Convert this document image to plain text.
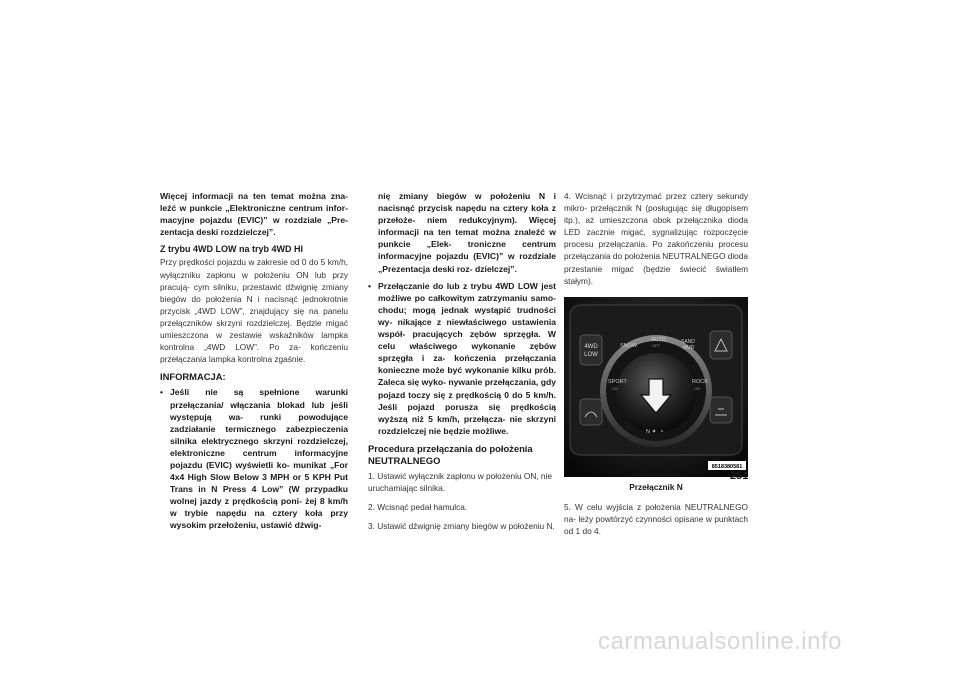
Więcej informacji na ten temat można zna- leźć w punkcie „Elektroniczne centrum infor- macyjne pojazdu (EVIC)” w rozdziale „Pre- zentacja deski rozdzielczej”.

Z trybu 4WD LOW na tryb 4WD HI

Przy prędkości pojazdu w zakresie od 0 do 5 km/h, wyłączniku zapłonu w położeniu ON lub przy pracują- cym silniku, przestawić dźwignię zmiany biegów do położenia N i nacisnąć jednokrotnie przycisk „4WD LOW”, znajdujący się na panelu przełączników skrzyni rozdzielczej. Będzie migać umieszczona w zestawie wskaźników lampka kontrolna „4WD LOW”. Po za- kończeniu przełączania lampka kontrolna zgaśnie.

INFORMACJA:

• Jeśli nie są spełnione warunki przełączania/ włączania blokad lub jeśli występują wa- runki powodujące zadziałanie termicznego zabezpieczenia silnika elektrycznego skrzyni rozdzielczej, elektroniczne centrum informacyjne pojazdu (EVIC) wyświetli ko- munikat „For 4x4 High Slow Below 3 MPH or 5 KPH Put Trans in N Press 4 Low” (W przypadku wolnej jazdy z prędkością poni- żej 8 km/h w trybie napędu na cztery koła przy wysokim przełożeniu, ustawić dźwig-
nię zmiany biegów w położeniu N i nacisnąć przycisk napędu na cztery koła z przełoże- niem redukcyjnym). Więcej informacji na ten temat można znaleźć w punkcie „Elek- troniczne centrum informacyjne pojazdu (EVIC)” w rozdziale „Prezentacja deski roz- dzielczej”.
• Przełączanie do lub z trybu 4WD LOW jest możliwe po całkowitym zatrzymaniu samo- chodu; mogą jednak wystąpić trudności wy- nikające z niewłaściwego ustawienia współ- pracujących zębów sprzęgła. W celu właściwego wykonanie zębów sprzęgła i za- kończenia przełączania konieczne może być wykonanie kilku prób. Zaleca się wyko- nywanie przełączania, gdy pojazd toczy się z prędkością 0 do 5 km/h. Jeśli pojazd porusza się prędkością wyższą niż 5 km/h, przełącza- nie skrzyni rozdzielczej nie będzie możliwe.

Procedura przełączania do położenia NEUTRALNEGO

1. Ustawić wyłącznik zapłonu w położeniu ON, nie uruchamiając silnika.

2. Wcisnąć pedał hamulca.

3. Ustawić dźwignię zmiany biegów w położeniu N.

4. Wcisnąć i przytrzymać przez cztery sekundy mikro- przełącznik N (posługując się długopisem itp.), aż umieszczona obok przełącznika dioda LED zacznie migać, sygnalizując rozpoczęcie procesu przełączania. Po zakończeniu procesu przełączania do położenia NEUTRALNEGO dioda przestanie migać (będzie świecić światłem stałym).

4WD
LOW
SNOW
AUTO	SAND
MUD
SPORT	ROCK
ON	ON
OFF
N
8518380581

Przełącznik N

5. W celu wyjścia z położenia NEUTRALNEGO na- leży powtórzyć czynności opisane w punktach od 1 do 4.

251
carmanualsonline.info
